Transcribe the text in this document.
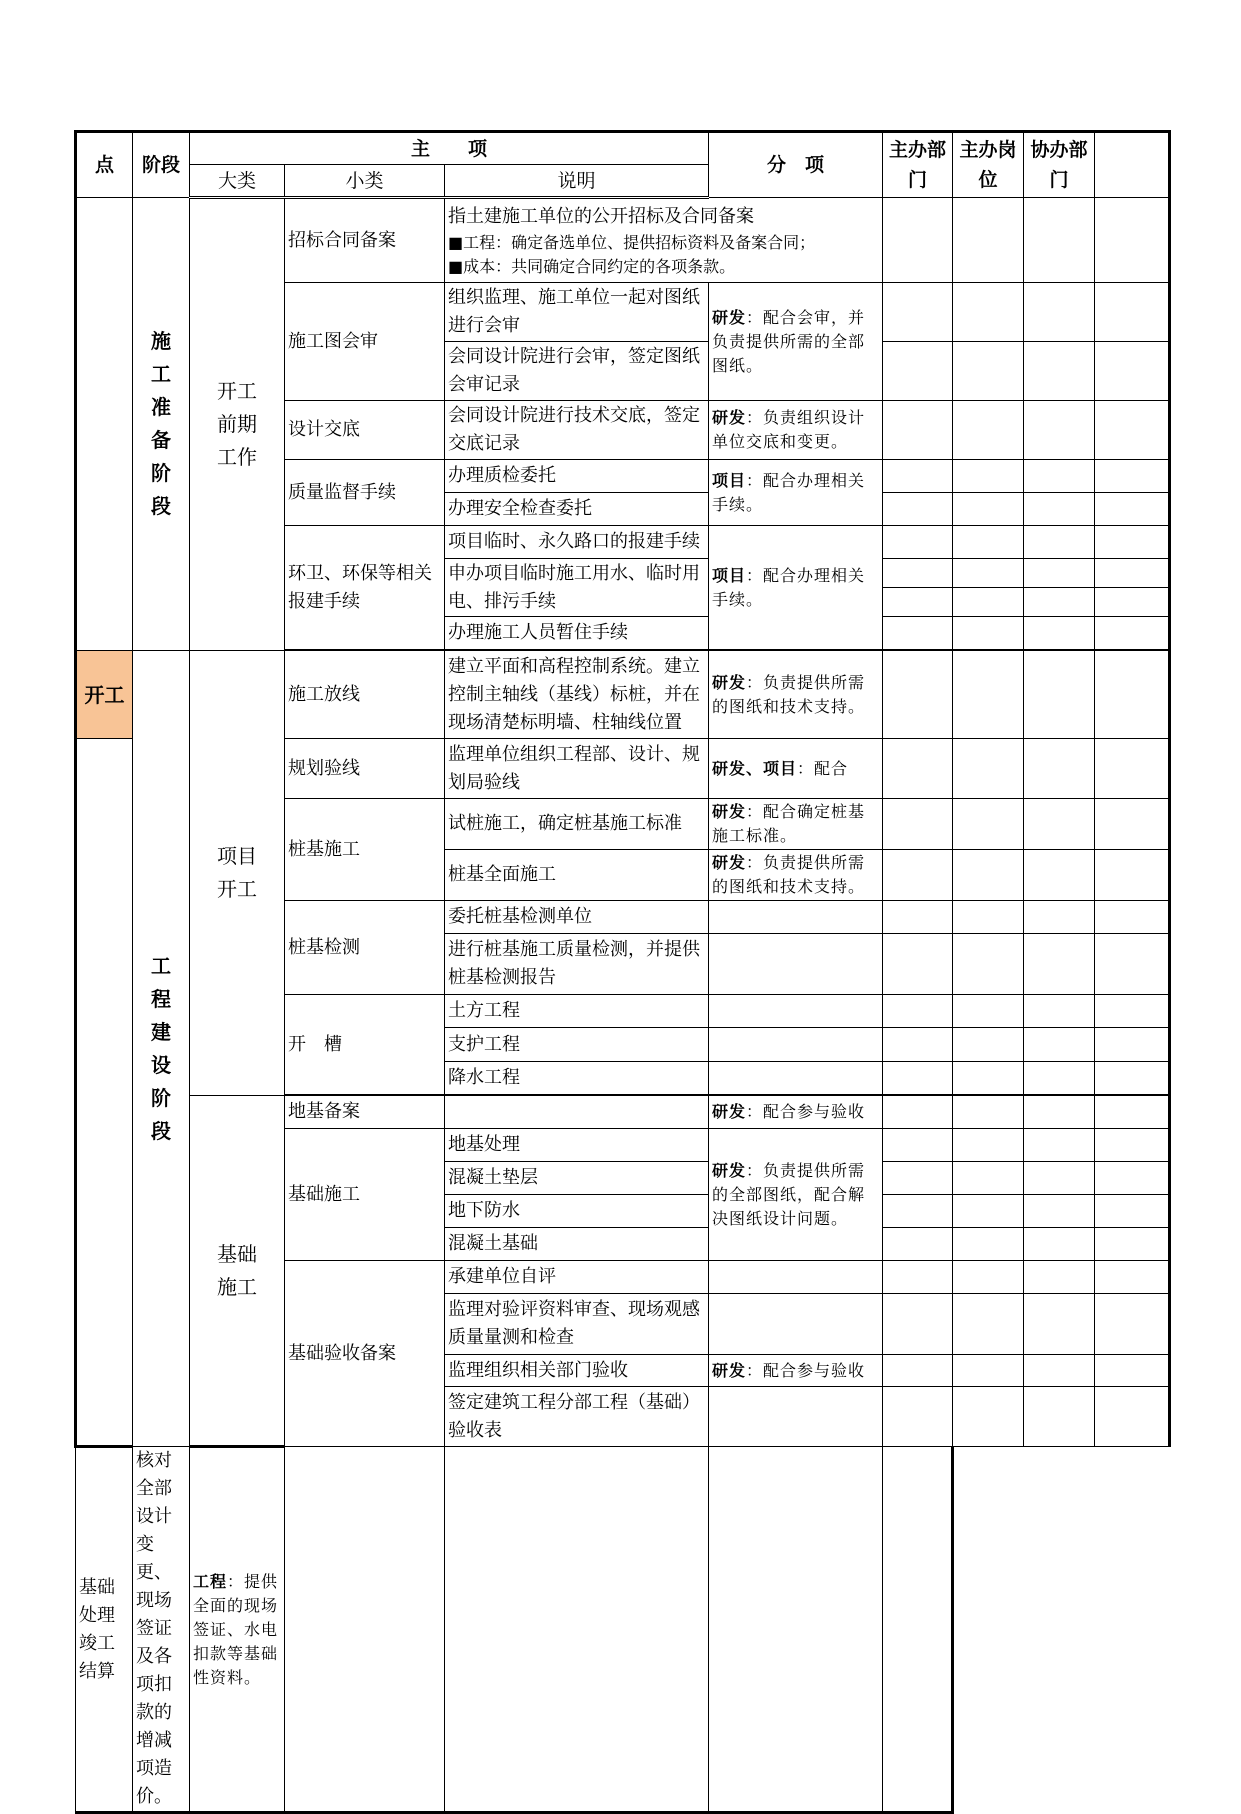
点	阶段	主　　项			分　项	主办部门	主办岗位	协办部门	
		大类	小类	说明					
	施工准备阶段	开工前期工作	招标合同备案	指土建施工单位的公开招标及合同备案
■工程：确定备选单位、提供招标资料及备案合同；
■成本：共同确定合同约定的各项条款。					

			施工图会审	组织监理、施工单位一起对图纸进行会审	研发：配合会审，并负责提供所需的全部图纸。				
				会同设计院进行会审，签定图纸会审记录					
			设计交底	会同设计院进行技术交底，签定交底记录	研发：负责组织设计单位交底和变更。				
			质量监督手续	办理质检委托	项目：配合办理相关手续。				
				办理安全检查委托					
			环卫、环保等相关报建手续	项目临时、永久路口的报建手续	项目：配合办理相关手续。				
				申办项目临时施工用水、临时用电、排污手续					

				办理施工人员暂住手续					

开工	工程建设阶段	项目开工	施工放线	建立平面和高程控制系统。建立控制主轴线（基线）标桩，并在现场清楚标明墙、柱轴线位置	研发：负责提供所需的图纸和技术支持。				
			规划验线	监理单位组织工程部、设计、规划局验线	研发、项目：配合				
			桩基施工	试桩施工，确定桩基施工标准	研发：配合确定桩基施工标准。				
				桩基全面施工	研发：负责提供所需的图纸和技术支持。				
			桩基检测	委托桩基检测单位					
				进行桩基施工质量检测，并提供桩基检测报告					
			开　槽	土方工程					
				支护工程					
				降水工程					

		基础施工	地基备案		研发：配合参与验收				
			基础施工	地基处理	研发：负责提供所需的全部图纸，配合解决图纸设计问题。				
				混凝土垫层					
				地下防水					
				混凝土基础					
			基础验收备案	承建单位自评					
				监理对验评资料审查、现场观感质量量测和检查					
				监理组织相关部门验收	研发：配合参与验收				
				签定建筑工程分部工程（基础）验收表					
基础处理竣工结算	核对全部设计变更、现场签证及各项扣款的增减项造价。	工程：提供全面的现场签证、水电扣款等基础性资料。							
